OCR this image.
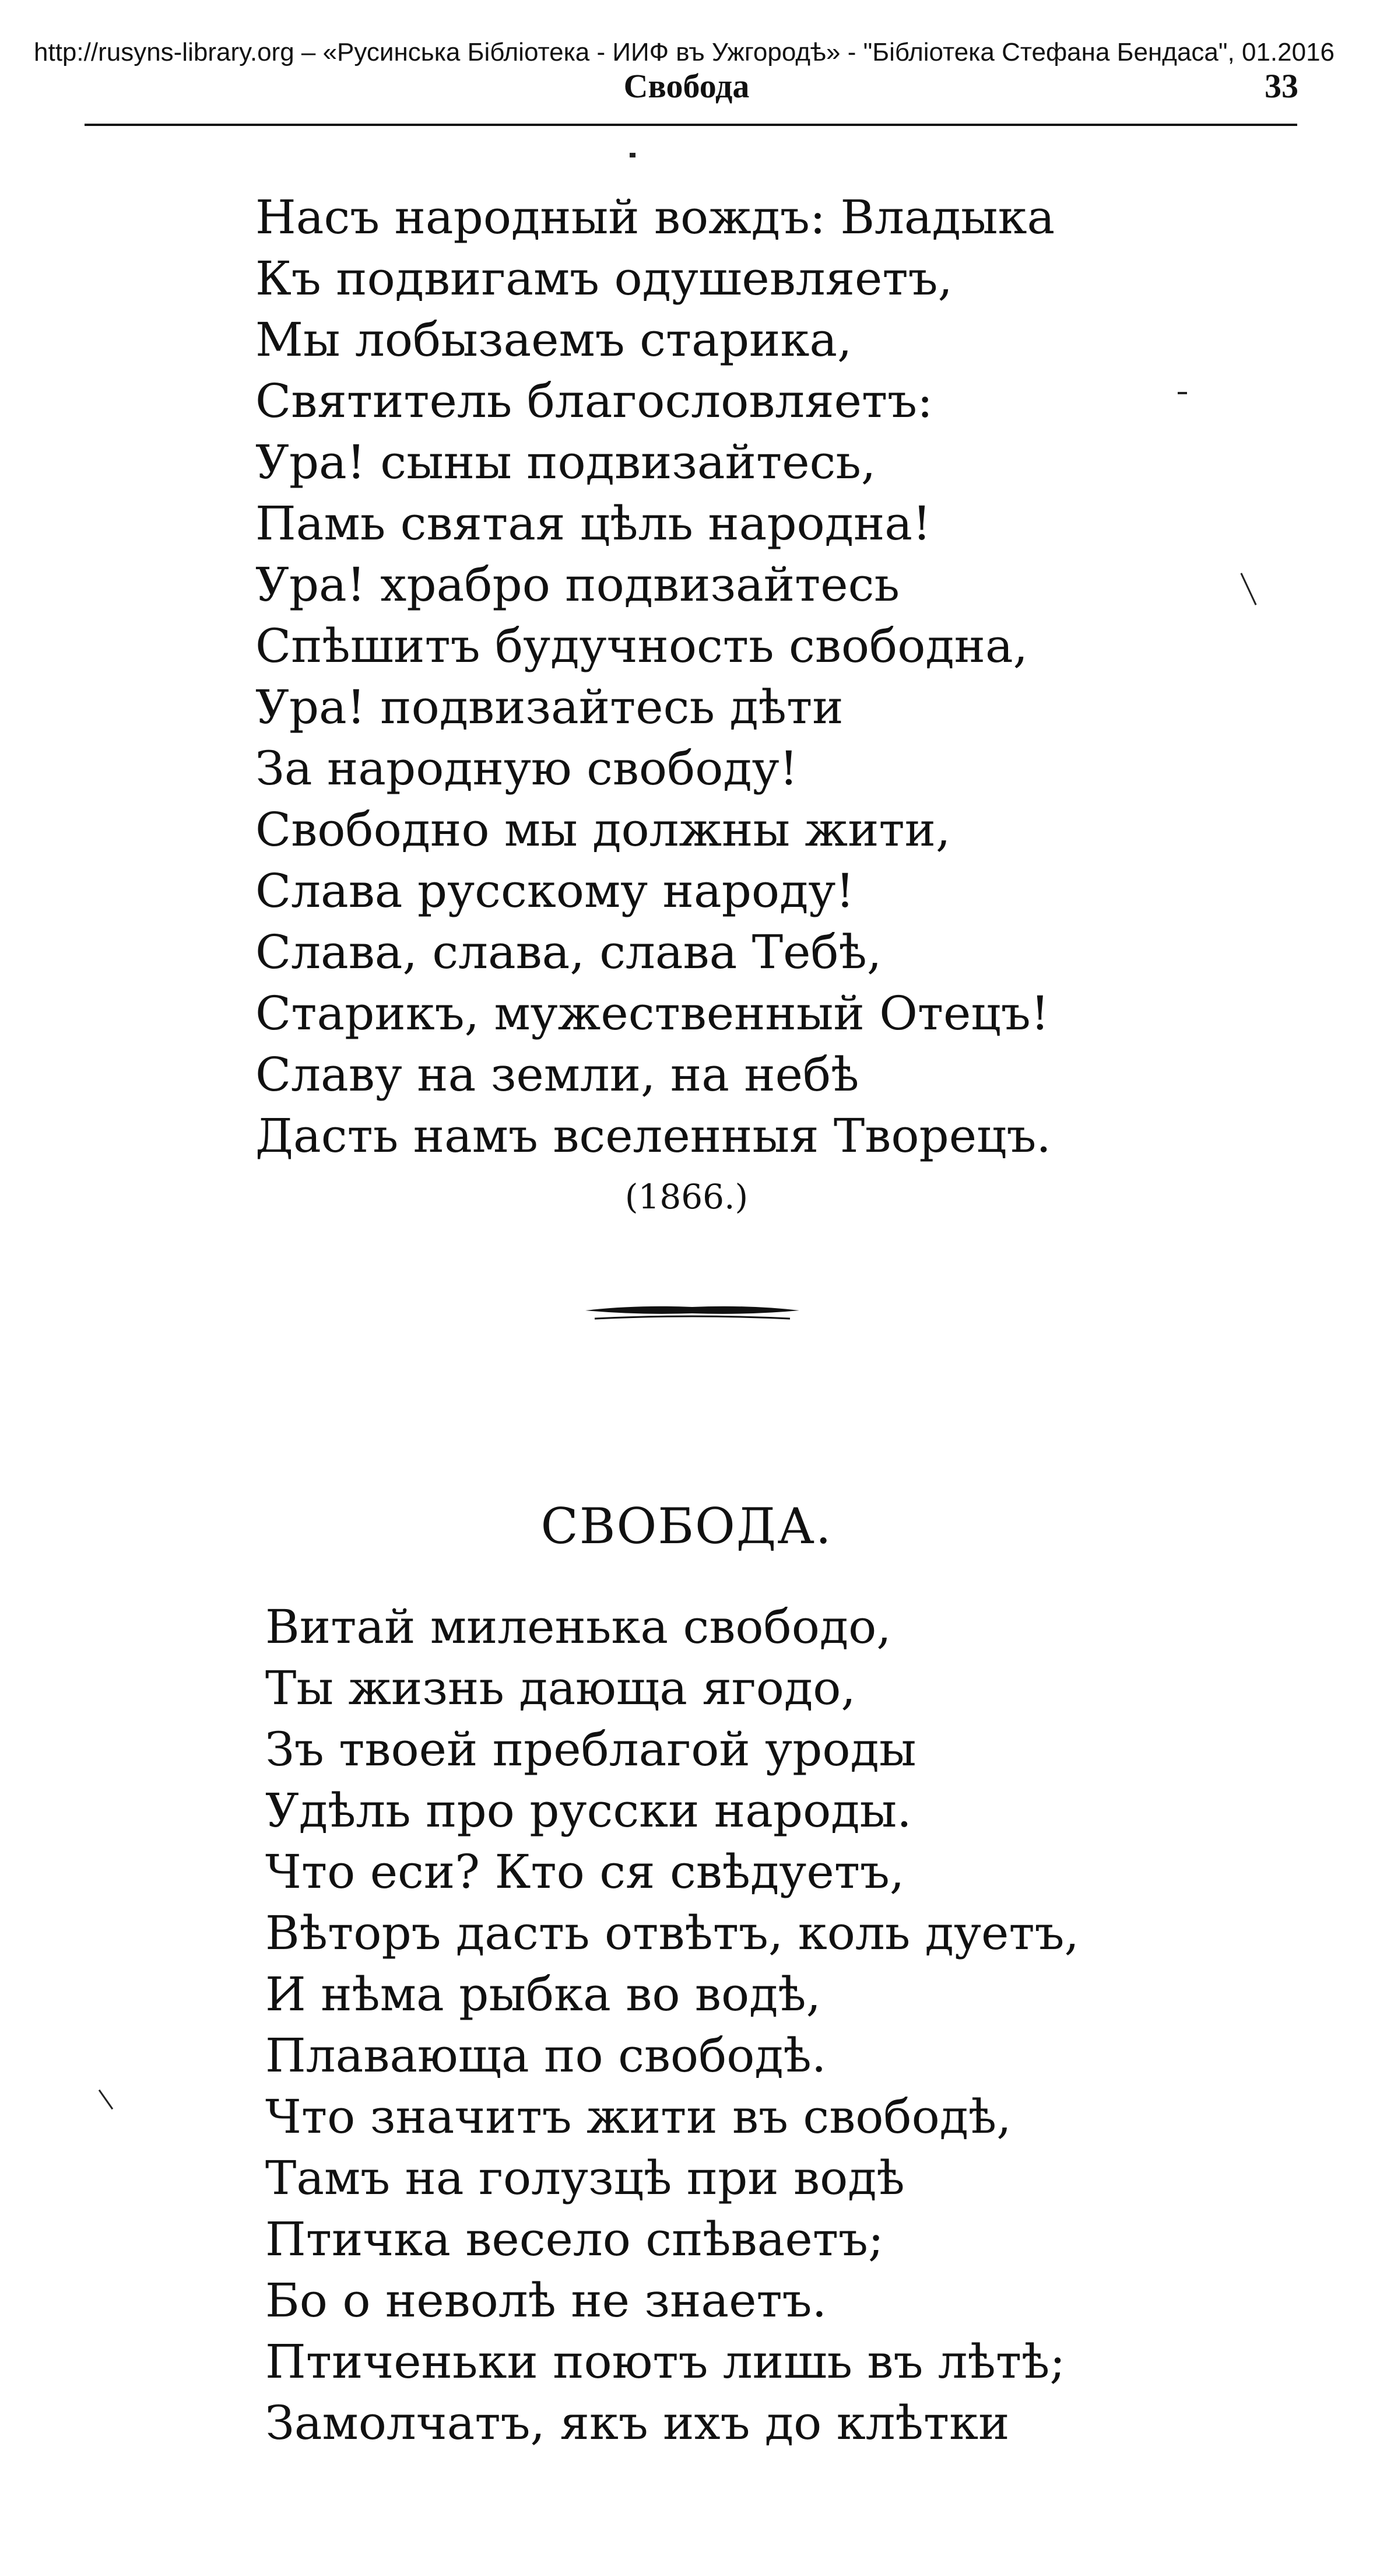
http://rusyns-library.org – «Русинська Бібліотека - ИИФ въ Ужгородѣ» - "Бібліотека Стефана Бендаса", 01.2016
Свобода	33
Насъ народный вождъ: Владыка
Къ подвигамъ одушевляетъ,
Мы лобызаемъ старика,
Святитель благословляетъ:
Ура! сыны подвизайтесь,
Памь святая цѣль народна!
Ура! храбро подвизайтесь
Спѣшитъ будучность свободна,
Ура! подвизайтесь дѣти
За народную свободу!
Свободно мы должны жити,
Слава русскому народу!
Слава, слава, слава Тебѣ,
Старикъ, мужественный Отецъ!
Славу на земли, на небѣ
Дасть намъ вселенныя Творецъ.
(1866.)
СВОБОДА.
Витай миленька свободо,
Ты жизнь дающа ягодо,
Зъ твоей преблагой уроды
Удѣль про русски народы.
Что еси? Кто ся свѣдуетъ,
Вѣторъ дасть отвѣтъ, коль дуетъ,
И нѣма рыбка во водѣ,
Плавающа по свободѣ.
Что значитъ жити въ свободѣ,
Тамъ на голузцѣ при водѣ
Птичка весело спѣваетъ;
Бо о неволѣ не знаетъ.
Птиченьки поютъ лишь въ лѣтѣ;
Замолчатъ, якъ ихъ до клѣтки
